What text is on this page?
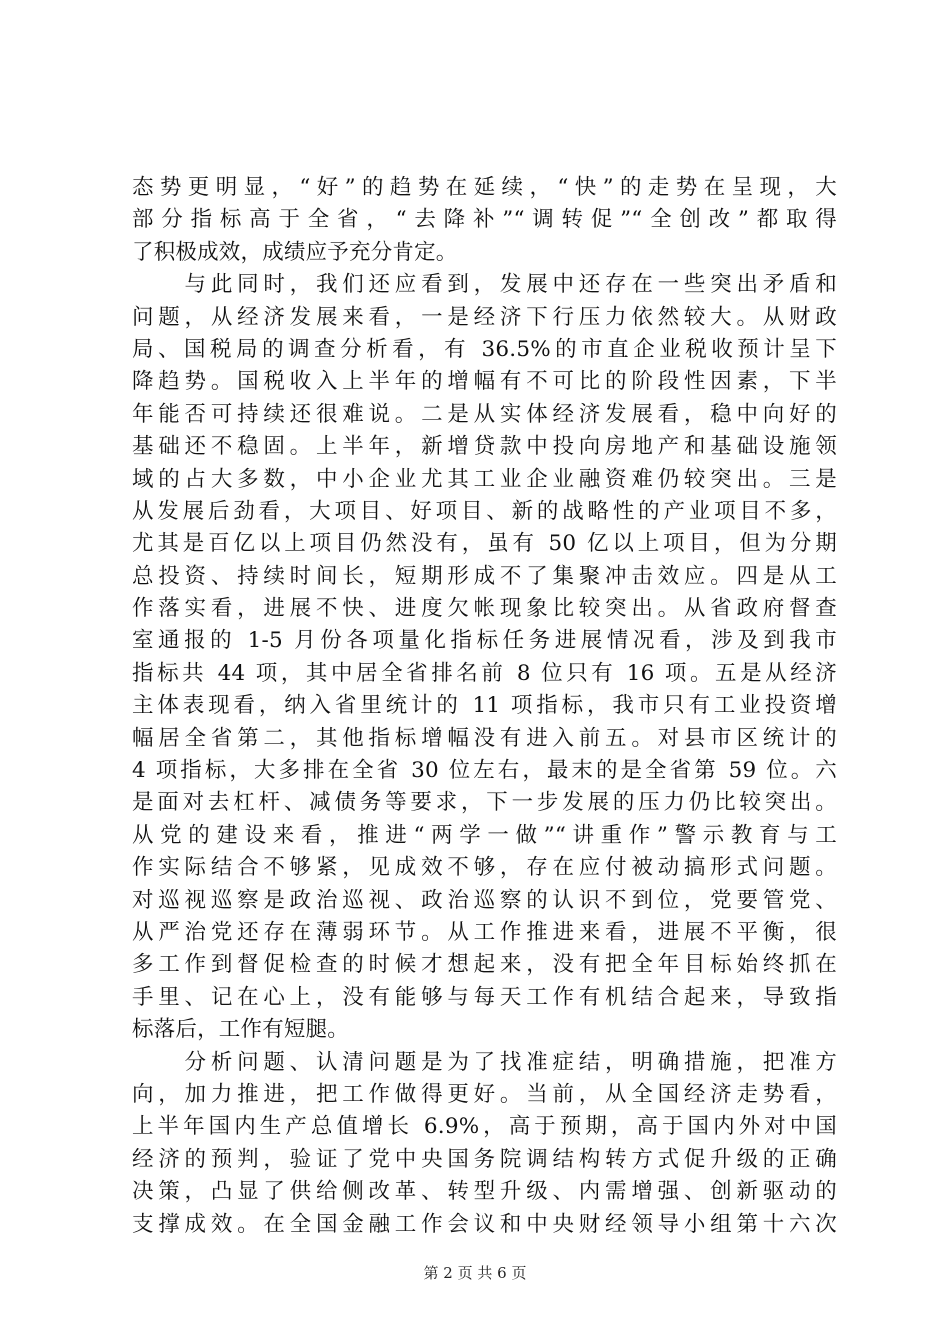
态势更明显，“好”的趋势在延续，“快”的走势在呈现，大
部分指标高于全省，“去降补”“调转促”“全创改”都取得
了积极成效，成绩应予充分肯定。
　　与此同时，我们还应看到，发展中还存在一些突出矛盾和
问题，从经济发展来看，一是经济下行压力依然较大。从财政
局、国税局的调查分析看，有 36.5%的市直企业税收预计呈下
降趋势。国税收入上半年的增幅有不可比的阶段性因素，下半
年能否可持续还很难说。二是从实体经济发展看，稳中向好的
基础还不稳固。上半年，新增贷款中投向房地产和基础设施领
域的占大多数，中小企业尤其工业企业融资难仍较突出。三是
从发展后劲看，大项目、好项目、新的战略性的产业项目不多，
尤其是百亿以上项目仍然没有，虽有 50 亿以上项目，但为分期
总投资、持续时间长，短期形成不了集聚冲击效应。四是从工
作落实看，进展不快、进度欠帐现象比较突出。从省政府督查
室通报的 1-5 月份各项量化指标任务进展情况看，涉及到我市
指标共 44 项，其中居全省排名前 8 位只有 16 项。五是从经济
主体表现看，纳入省里统计的 11 项指标，我市只有工业投资增
幅居全省第二，其他指标增幅没有进入前五。对县市区统计的
4 项指标，大多排在全省 30 位左右，最末的是全省第 59 位。六
是面对去杠杆、减债务等要求，下一步发展的压力仍比较突出。
从党的建设来看，推进“两学一做”“讲重作”警示教育与工
作实际结合不够紧，见成效不够，存在应付被动搞形式问题。
对巡视巡察是政治巡视、政治巡察的认识不到位，党要管党、
从严治党还存在薄弱环节。从工作推进来看，进展不平衡，很
多工作到督促检查的时候才想起来，没有把全年目标始终抓在
手里、记在心上，没有能够与每天工作有机结合起来，导致指
标落后，工作有短腿。
　　分析问题、认清问题是为了找准症结，明确措施，把准方
向，加力推进，把工作做得更好。当前，从全国经济走势看，
上半年国内生产总值增长 6.9%，高于预期，高于国内外对中国
经济的预判，验证了党中央国务院调结构转方式促升级的正确
决策，凸显了供给侧改革、转型升级、内需增强、创新驱动的
支撑成效。在全国金融工作会议和中央财经领导小组第十六次
第 2 页 共 6 页
